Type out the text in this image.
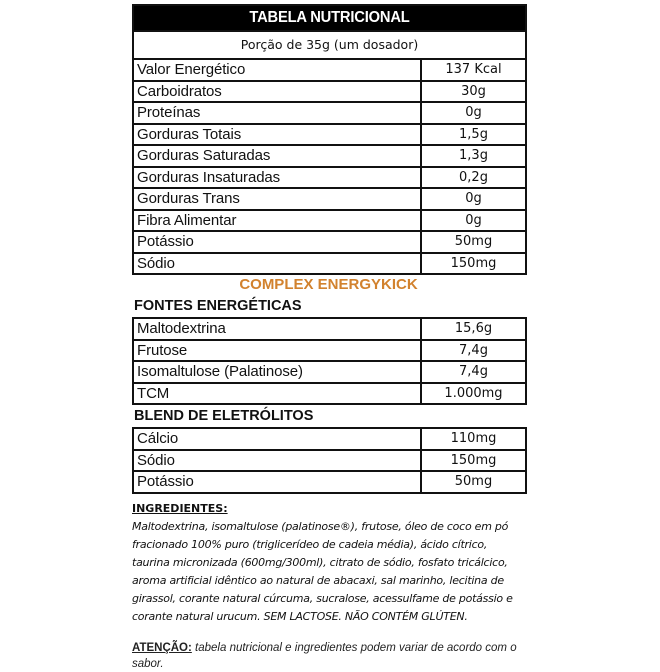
TABELA NUTRICIONAL
Porção de 35g (um dosador)
Valor Energético	137 Kcal
Carboidratos	30g
Proteínas	0g
Gorduras Totais	1,5g
Gorduras Saturadas	1,3g
Gorduras Insaturadas	0,2g
Gorduras Trans	0g
Fibra Alimentar	0g
Potássio	50mg
Sódio	150mg
COMPLEX ENERGYKICK
FONTES ENERGÉTICAS
Maltodextrina	15,6g
Frutose	7,4g
Isomaltulose (Palatinose)	7,4g
TCM	1.000mg
BLEND DE ELETRÓLITOS
Cálcio	110mg
Sódio	150mg
Potássio	50mg
INGREDIENTES:
Maltodextrina, isomaltulose (palatinose®), frutose, óleo de coco em pó fracionado 100% puro (triglicerídeo de cadeia média), ácido cítrico, taurina micronizada (600mg/300ml), citrato de sódio, fosfato tricálcico, aroma artificial idêntico ao natural de abacaxi, sal marinho, lecitina de girassol, corante natural cúrcuma, sucralose, acessulfame de potássio e corante natural urucum. SEM LACTOSE. NÃO CONTÉM GLÚTEN.
ATENÇÃO: tabela nutricional e ingredientes podem variar de acordo com o sabor.
